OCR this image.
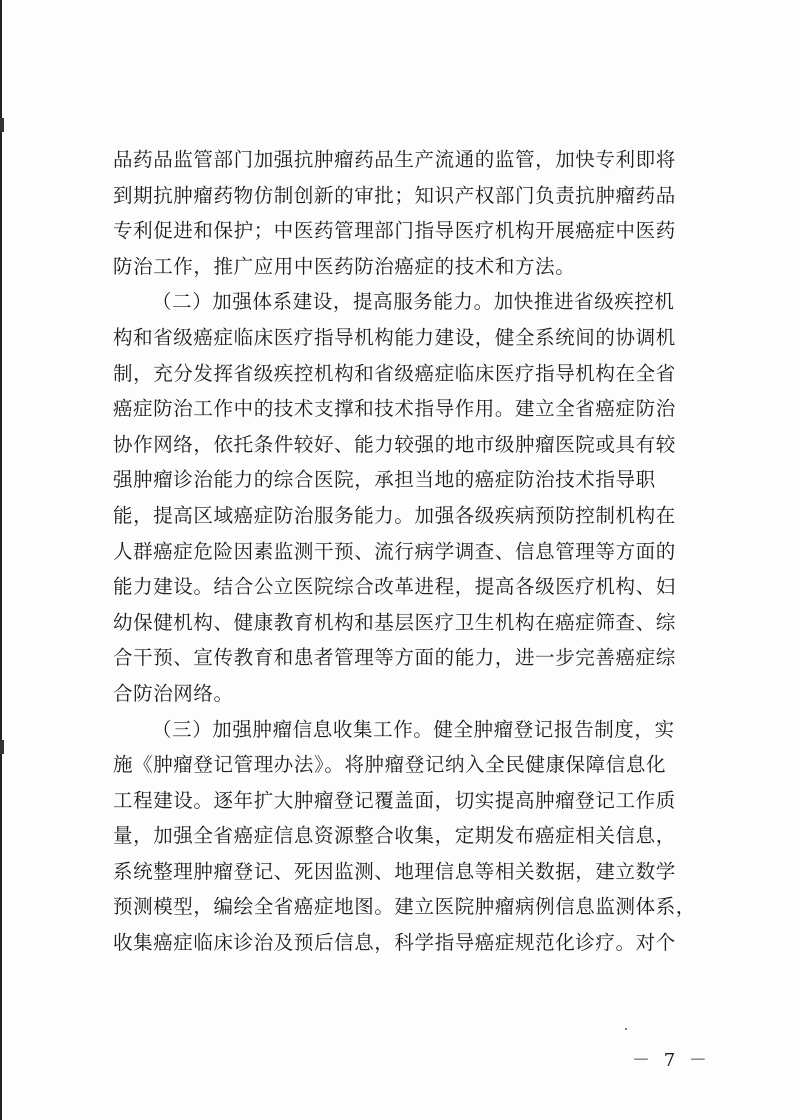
品药品监管部门加强抗肿瘤药品生产流通的监管，加快专利即将
到期抗肿瘤药物仿制创新的审批；知识产权部门负责抗肿瘤药品
专利促进和保护；中医药管理部门指导医疗机构开展癌症中医药
防治工作，推广应用中医药防治癌症的技术和方法。
（二）加强体系建设，提高服务能力。加快推进省级疾控机
构和省级癌症临床医疗指导机构能力建设，健全系统间的协调机
制，充分发挥省级疾控机构和省级癌症临床医疗指导机构在全省
癌症防治工作中的技术支撑和技术指导作用。建立全省癌症防治
协作网络，依托条件较好、能力较强的地市级肿瘤医院或具有较
强肿瘤诊治能力的综合医院，承担当地的癌症防治技术指导职
能，提高区域癌症防治服务能力。加强各级疾病预防控制机构在
人群癌症危险因素监测干预、流行病学调查、信息管理等方面的
能力建设。结合公立医院综合改革进程，提高各级医疗机构、妇
幼保健机构、健康教育机构和基层医疗卫生机构在癌症筛查、综
合干预、宣传教育和患者管理等方面的能力，进一步完善癌症综
合防治网络。
（三）加强肿瘤信息收集工作。健全肿瘤登记报告制度，实
施《肿瘤登记管理办法》。将肿瘤登记纳入全民健康保障信息化
工程建设。逐年扩大肿瘤登记覆盖面，切实提高肿瘤登记工作质
量，加强全省癌症信息资源整合收集，定期发布癌症相关信息，
系统整理肿瘤登记、死因监测、地理信息等相关数据，建立数学
预测模型，编绘全省癌症地图。建立医院肿瘤病例信息监测体系，
收集癌症临床诊治及预后信息，科学指导癌症规范化诊疗。对个
－ 7 －
